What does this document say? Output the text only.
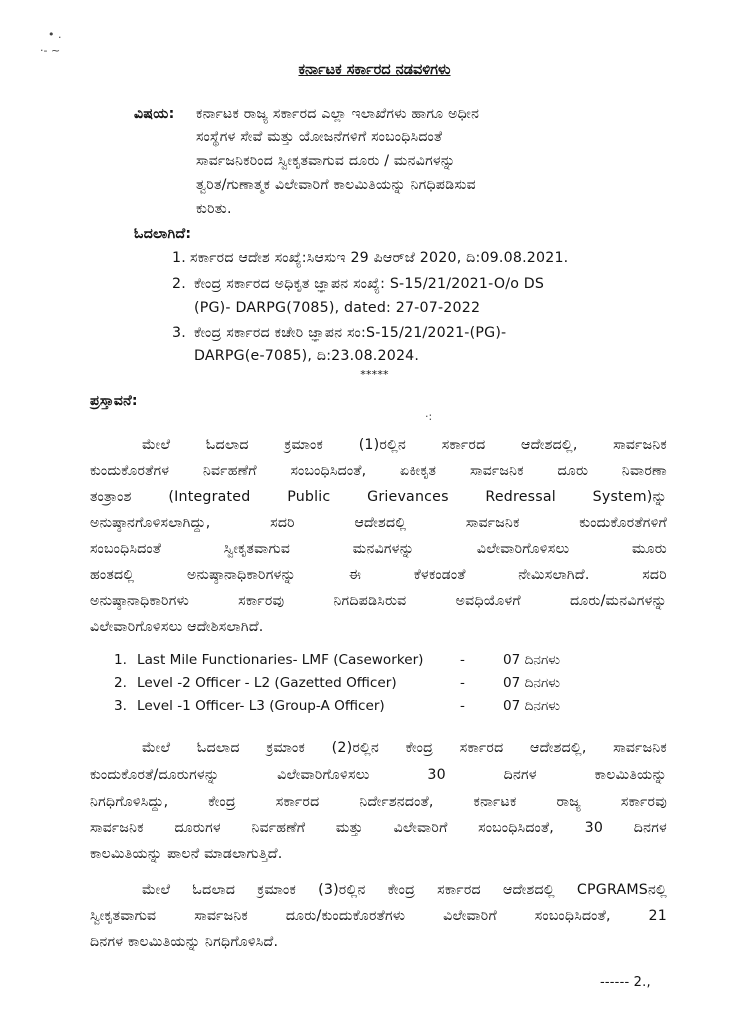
• .
·- ~
·:
ಕರ್ನಾಟಕ ಸರ್ಕಾರದ ನಡವಳಿಗಳು
ವಿಷಯ: ಕರ್ನಾಟಕ ರಾಜ್ಯ ಸರ್ಕಾರದ ಎಲ್ಲಾ ಇಲಾಖೆಗಳು ಹಾಗೂ ಅಧೀನ
ಸಂಸ್ಥೆಗಳ ಸೇವೆ ಮತ್ತು ಯೋಜನೆಗಳಿಗೆ ಸಂಬಂಧಿಸಿದಂತೆ
ಸಾರ್ವಜನಿಕರಿಂದ ಸ್ವೀಕೃತವಾಗುವ ದೂರು / ಮನವಿಗಳನ್ನು
ತ್ವರಿತ/ಗುಣಾತ್ಮಕ ವಿಲೇವಾರಿಗೆ ಕಾಲಮಿತಿಯನ್ನು ನಿಗಧಿಪಡಿಸುವ
ಕುರಿತು.
ಓದಲಾಗಿದೆ:
1. ಸರ್ಕಾರದ ಆದೇಶ ಸಂಖ್ಯೆ:ಸಿಆಸುಇ 29 ಪಿಆರ್‌ಜೆ 2020, ದಿ:09.08.2021.
2. ಕೇಂದ್ರ ಸರ್ಕಾರದ ಅಧಿಕೃತ ಜ್ಞಾಪನ ಸಂಖ್ಯೆ: S-15/21/2021-O/o DS
(PG)- DARPG(7085), dated: 27-07-2022
3. ಕೇಂದ್ರ ಸರ್ಕಾರದ ಕಚೇರಿ ಜ್ಞಾಪನ ಸಂ:S-15/21/2021-(PG)-
DARPG(e-7085), ದಿ:23.08.2024.
*****
ಪ್ರಸ್ತಾವನೆ:
ಮೇಲೆ ಓದಲಾದ ಕ್ರಮಾಂಕ (1)ರಲ್ಲಿನ ಸರ್ಕಾರದ ಆದೇಶದಲ್ಲಿ, ಸಾರ್ವಜನಿಕ
ಕುಂದುಕೊರತೆಗಳ ನಿರ್ವಹಣೆಗೆ ಸಂಬಂಧಿಸಿದಂತೆ, ಏಕೀಕೃತ ಸಾರ್ವಜನಿಕ ದೂರು ನಿವಾರಣಾ
ತಂತ್ರಾಂಶ (Integrated Public Grievances Redressal System)ನ್ನು
ಅನುಷ್ಠಾನಗೊಳಿಸಲಾಗಿದ್ದು, ಸದರಿ ಆದೇಶದಲ್ಲಿ ಸಾರ್ವಜನಿಕ ಕುಂದುಕೊರತೆಗಳಿಗೆ
ಸಂಬಂಧಿಸಿದಂತೆ ಸ್ವೀಕೃತವಾಗುವ ಮನವಿಗಳನ್ನು ವಿಲೇವಾರಿಗೊಳಿಸಲು ಮೂರು
ಹಂತದಲ್ಲಿ ಅನುಷ್ಠಾನಾಧಿಕಾರಿಗಳನ್ನು ಈ ಕೆಳಕಂಡಂತೆ ನೇಮಿಸಲಾಗಿದೆ. ಸದರಿ
ಅನುಷ್ಠಾನಾಧಿಕಾರಿಗಳು ಸರ್ಕಾರವು ನಿಗದಿಪಡಿಸಿರುವ ಅವಧಿಯೊಳಗೆ ದೂರು/ಮನವಿಗಳನ್ನು
ವಿಲೇವಾರಿಗೊಳಿಸಲು ಆದೇಶಿಸಲಾಗಿದೆ.
1. Last Mile Functionaries- LMF (Caseworker)	-	07 ದಿನಗಳು
2. Level -2 Officer - L2 (Gazetted Officer)	-	07 ದಿನಗಳು
3. Level -1 Officer- L3 (Group-A Officer)	-	07 ದಿನಗಳು
ಮೇಲೆ ಓದಲಾದ ಕ್ರಮಾಂಕ (2)ರಲ್ಲಿನ ಕೇಂದ್ರ ಸರ್ಕಾರದ ಆದೇಶದಲ್ಲಿ, ಸಾರ್ವಜನಿಕ
ಕುಂದುಕೊರತೆ/ದೂರುಗಳನ್ನು ವಿಲೇವಾರಿಗೊಳಿಸಲು 30 ದಿನಗಳ ಕಾಲಮಿತಿಯನ್ನು
ನಿಗಧಿಗೊಳಿಸಿದ್ದು, ಕೇಂದ್ರ ಸರ್ಕಾರದ ನಿರ್ದೇಶನದಂತೆ, ಕರ್ನಾಟಕ ರಾಜ್ಯ ಸರ್ಕಾರವು
ಸಾರ್ವಜನಿಕ ದೂರುಗಳ ನಿರ್ವಹಣೆಗೆ ಮತ್ತು ವಿಲೇವಾರಿಗೆ ಸಂಬಂಧಿಸಿದಂತೆ, 30 ದಿನಗಳ
ಕಾಲಮಿತಿಯನ್ನು ಪಾಲನೆ ಮಾಡಲಾಗುತ್ತಿದೆ.
ಮೇಲೆ ಓದಲಾದ ಕ್ರಮಾಂಕ (3)ರಲ್ಲಿನ ಕೇಂದ್ರ ಸರ್ಕಾರದ ಆದೇಶದಲ್ಲಿ CPGRAMSನಲ್ಲಿ
ಸ್ವೀಕೃತವಾಗುವ ಸಾರ್ವಜನಿಕ ದೂರು/ಕುಂದುಕೊರತೆಗಳು ವಿಲೇವಾರಿಗೆ ಸಂಬಂಧಿಸಿದಂತೆ, 21
ದಿನಗಳ ಕಾಲಮಿತಿಯನ್ನು ನಿಗಧಿಗೊಳಿಸಿದೆ.
------ 2.,
